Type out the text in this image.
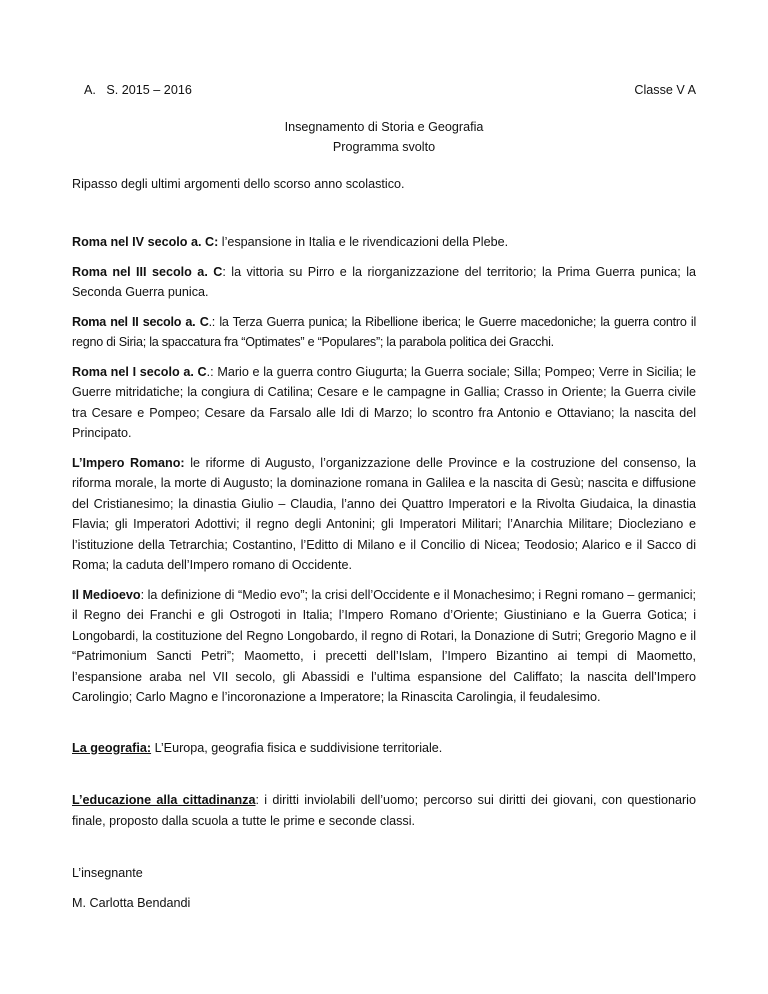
A.   S. 2015 – 2016	Classe V A

Insegnamento di Storia e Geografia

Programma svolto

Ripasso degli ultimi argomenti dello scorso anno scolastico.

Roma nel IV secolo a. C: l’espansione in Italia e le rivendicazioni della Plebe.

Roma nel III secolo a. C: la vittoria su Pirro e la riorganizzazione del territorio; la Prima Guerra punica; la Seconda Guerra punica.

Roma nel II secolo a. C.: la Terza Guerra punica; la Ribellione iberica; le Guerre macedoniche; la guerra contro il regno di Siria; la spaccatura fra “Optimates” e “Populares”; la parabola politica dei Gracchi.

Roma nel I secolo a. C.: Mario e la guerra contro Giugurta; la Guerra sociale; Silla; Pompeo; Verre in Sicilia; le Guerre mitridatiche; la congiura di Catilina; Cesare e le campagne in Gallia; Crasso in Oriente; la Guerra civile tra Cesare e Pompeo; Cesare da Farsalo alle Idi di Marzo; lo scontro fra Antonio e Ottaviano; la nascita del Principato.

L’Impero Romano: le riforme di Augusto, l’organizzazione delle Province e la costruzione del consenso, la riforma morale, la morte di Augusto; la dominazione romana in Galilea e la nascita di Gesù; nascita e diffusione del Cristianesimo; la dinastia Giulio – Claudia, l’anno dei Quattro Imperatori e la Rivolta Giudaica, la dinastia Flavia; gli Imperatori Adottivi; il regno degli Antonini; gli Imperatori Militari; l’Anarchia Militare; Diocleziano e l’istituzione della Tetrarchia; Costantino, l’Editto di Milano e il Concilio di Nicea; Teodosio; Alarico e il Sacco di Roma; la caduta dell’Impero romano di Occidente.

Il Medioevo: la definizione di “Medio evo”; la crisi dell’Occidente e il Monachesimo; i Regni romano – germanici; il Regno dei Franchi e gli Ostrogoti in Italia; l’Impero Romano d’Oriente; Giustiniano e la Guerra Gotica; i Longobardi, la costituzione del Regno Longobardo, il regno di Rotari, la Donazione di Sutri; Gregorio Magno e il “Patrimonium Sancti Petri”; Maometto, i precetti dell’Islam, l’Impero Bizantino ai tempi di Maometto, l’espansione araba nel VII secolo, gli Abassidi e l’ultima espansione del Califfato; la nascita dell’Impero Carolingio; Carlo Magno e l’incoronazione a Imperatore; la Rinascita Carolingia, il feudalesimo.

La geografia: L’Europa, geografia fisica e suddivisione territoriale.

L’educazione alla cittadinanza: i diritti inviolabili dell’uomo; percorso sui diritti dei giovani, con questionario finale, proposto dalla scuola a tutte le prime e seconde classi.

L’insegnante

M. Carlotta Bendandi
